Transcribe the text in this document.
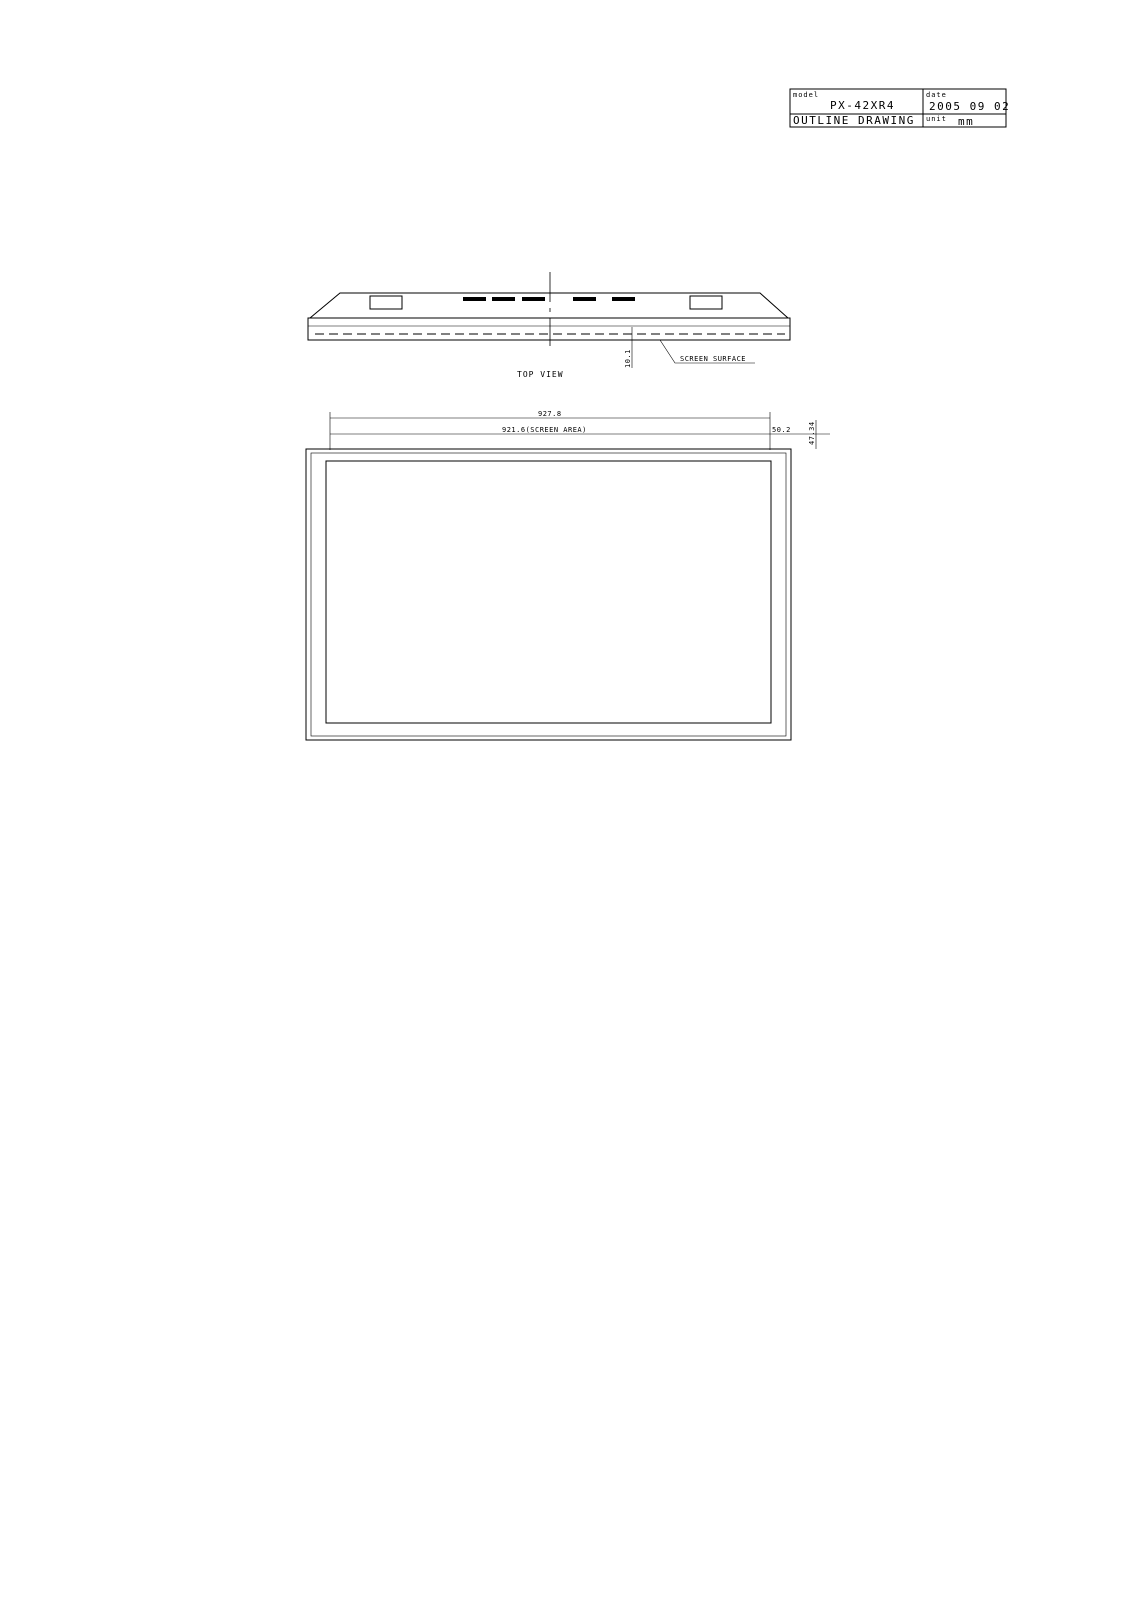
model
PX-42XR4
date
2005 09 02
OUTLINE DRAWING unit mm
SCREEN SURFACE
10.1
TOP VIEW
927.8
921.6(SCREEN AREA)	50.2 47.34
